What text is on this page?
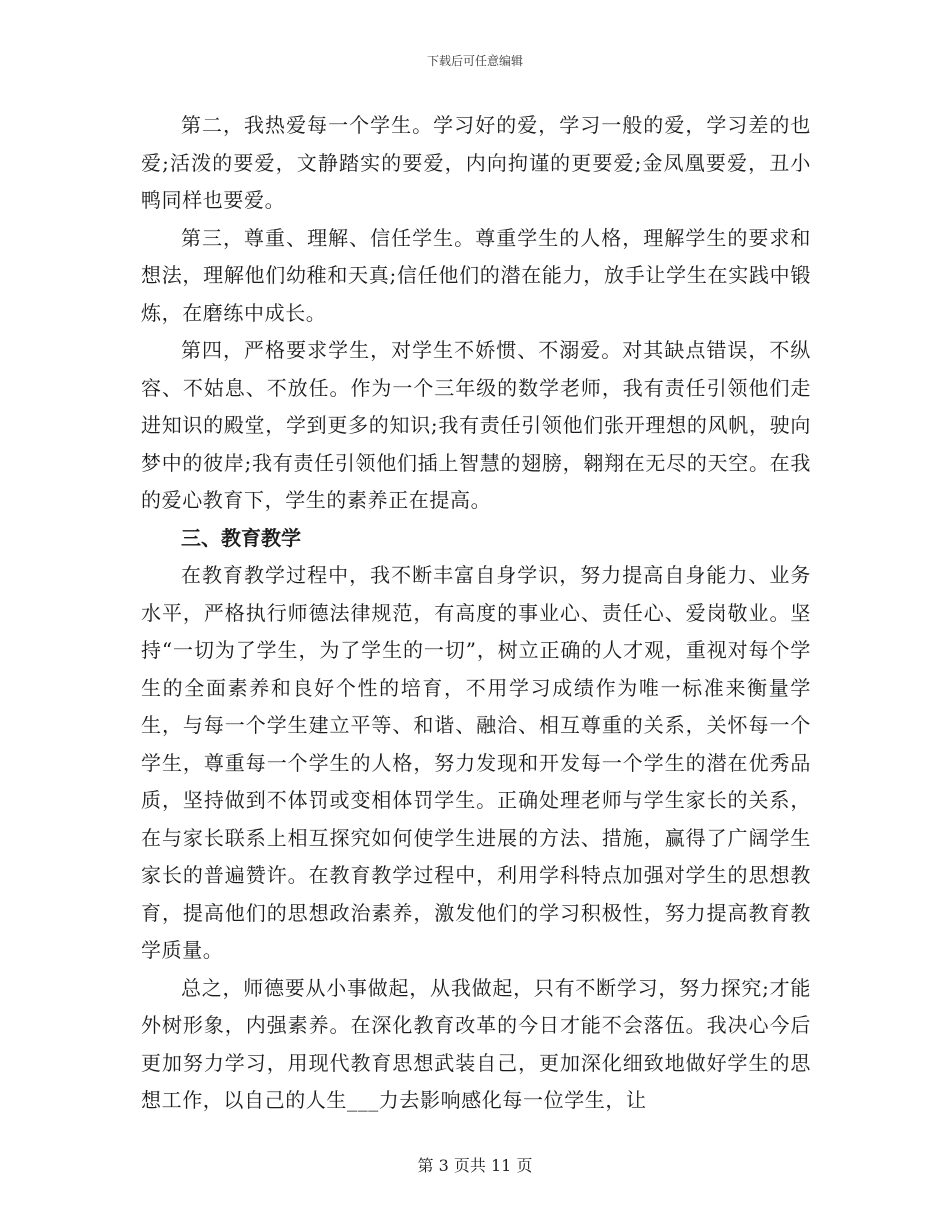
下载后可任意编辑

第二，我热爱每一个学生。学习好的爱，学习一般的爱，学习差的也爱;活泼的要爱，文静踏实的要爱，内向拘谨的更要爱;金凤凰要爱，丑小鸭同样也要爱。

第三，尊重、理解、信任学生。尊重学生的人格，理解学生的要求和想法，理解他们幼稚和天真;信任他们的潜在能力，放手让学生在实践中锻炼，在磨练中成长。

第四，严格要求学生，对学生不娇惯、不溺爱。对其缺点错误，不纵容、不姑息、不放任。作为一个三年级的数学老师，我有责任引领他们走进知识的殿堂，学到更多的知识;我有责任引领他们张开理想的风帆，驶向梦中的彼岸;我有责任引领他们插上智慧的翅膀，翱翔在无尽的天空。在我的爱心教育下，学生的素养正在提高。

三、教育教学

在教育教学过程中，我不断丰富自身学识，努力提高自身能力、业务水平，严格执行师德法律规范，有高度的事业心、责任心、爱岗敬业。坚持“一切为了学生，为了学生的一切”，树立正确的人才观，重视对每个学生的全面素养和良好个性的培育，不用学习成绩作为唯一标准来衡量学生，与每一个学生建立平等、和谐、融洽、相互尊重的关系，关怀每一个学生，尊重每一个学生的人格，努力发现和开发每一个学生的潜在优秀品质，坚持做到不体罚或变相体罚学生。正确处理老师与学生家长的关系，在与家长联系上相互探究如何使学生进展的方法、措施，赢得了广阔学生家长的普遍赞许。在教育教学过程中，利用学科特点加强对学生的思想教育，提高他们的思想政治素养，激发他们的学习积极性，努力提高教育教学质量。

总之，师德要从小事做起，从我做起，只有不断学习，努力探究;才能外树形象，内强素养。在深化教育改革的今日才能不会落伍。我决心今后更加努力学习，用现代教育思想武装自己，更加深化细致地做好学生的思想工作，以自己的人生___力去影响感化每一位学生，让

第 3 页共 11 页
